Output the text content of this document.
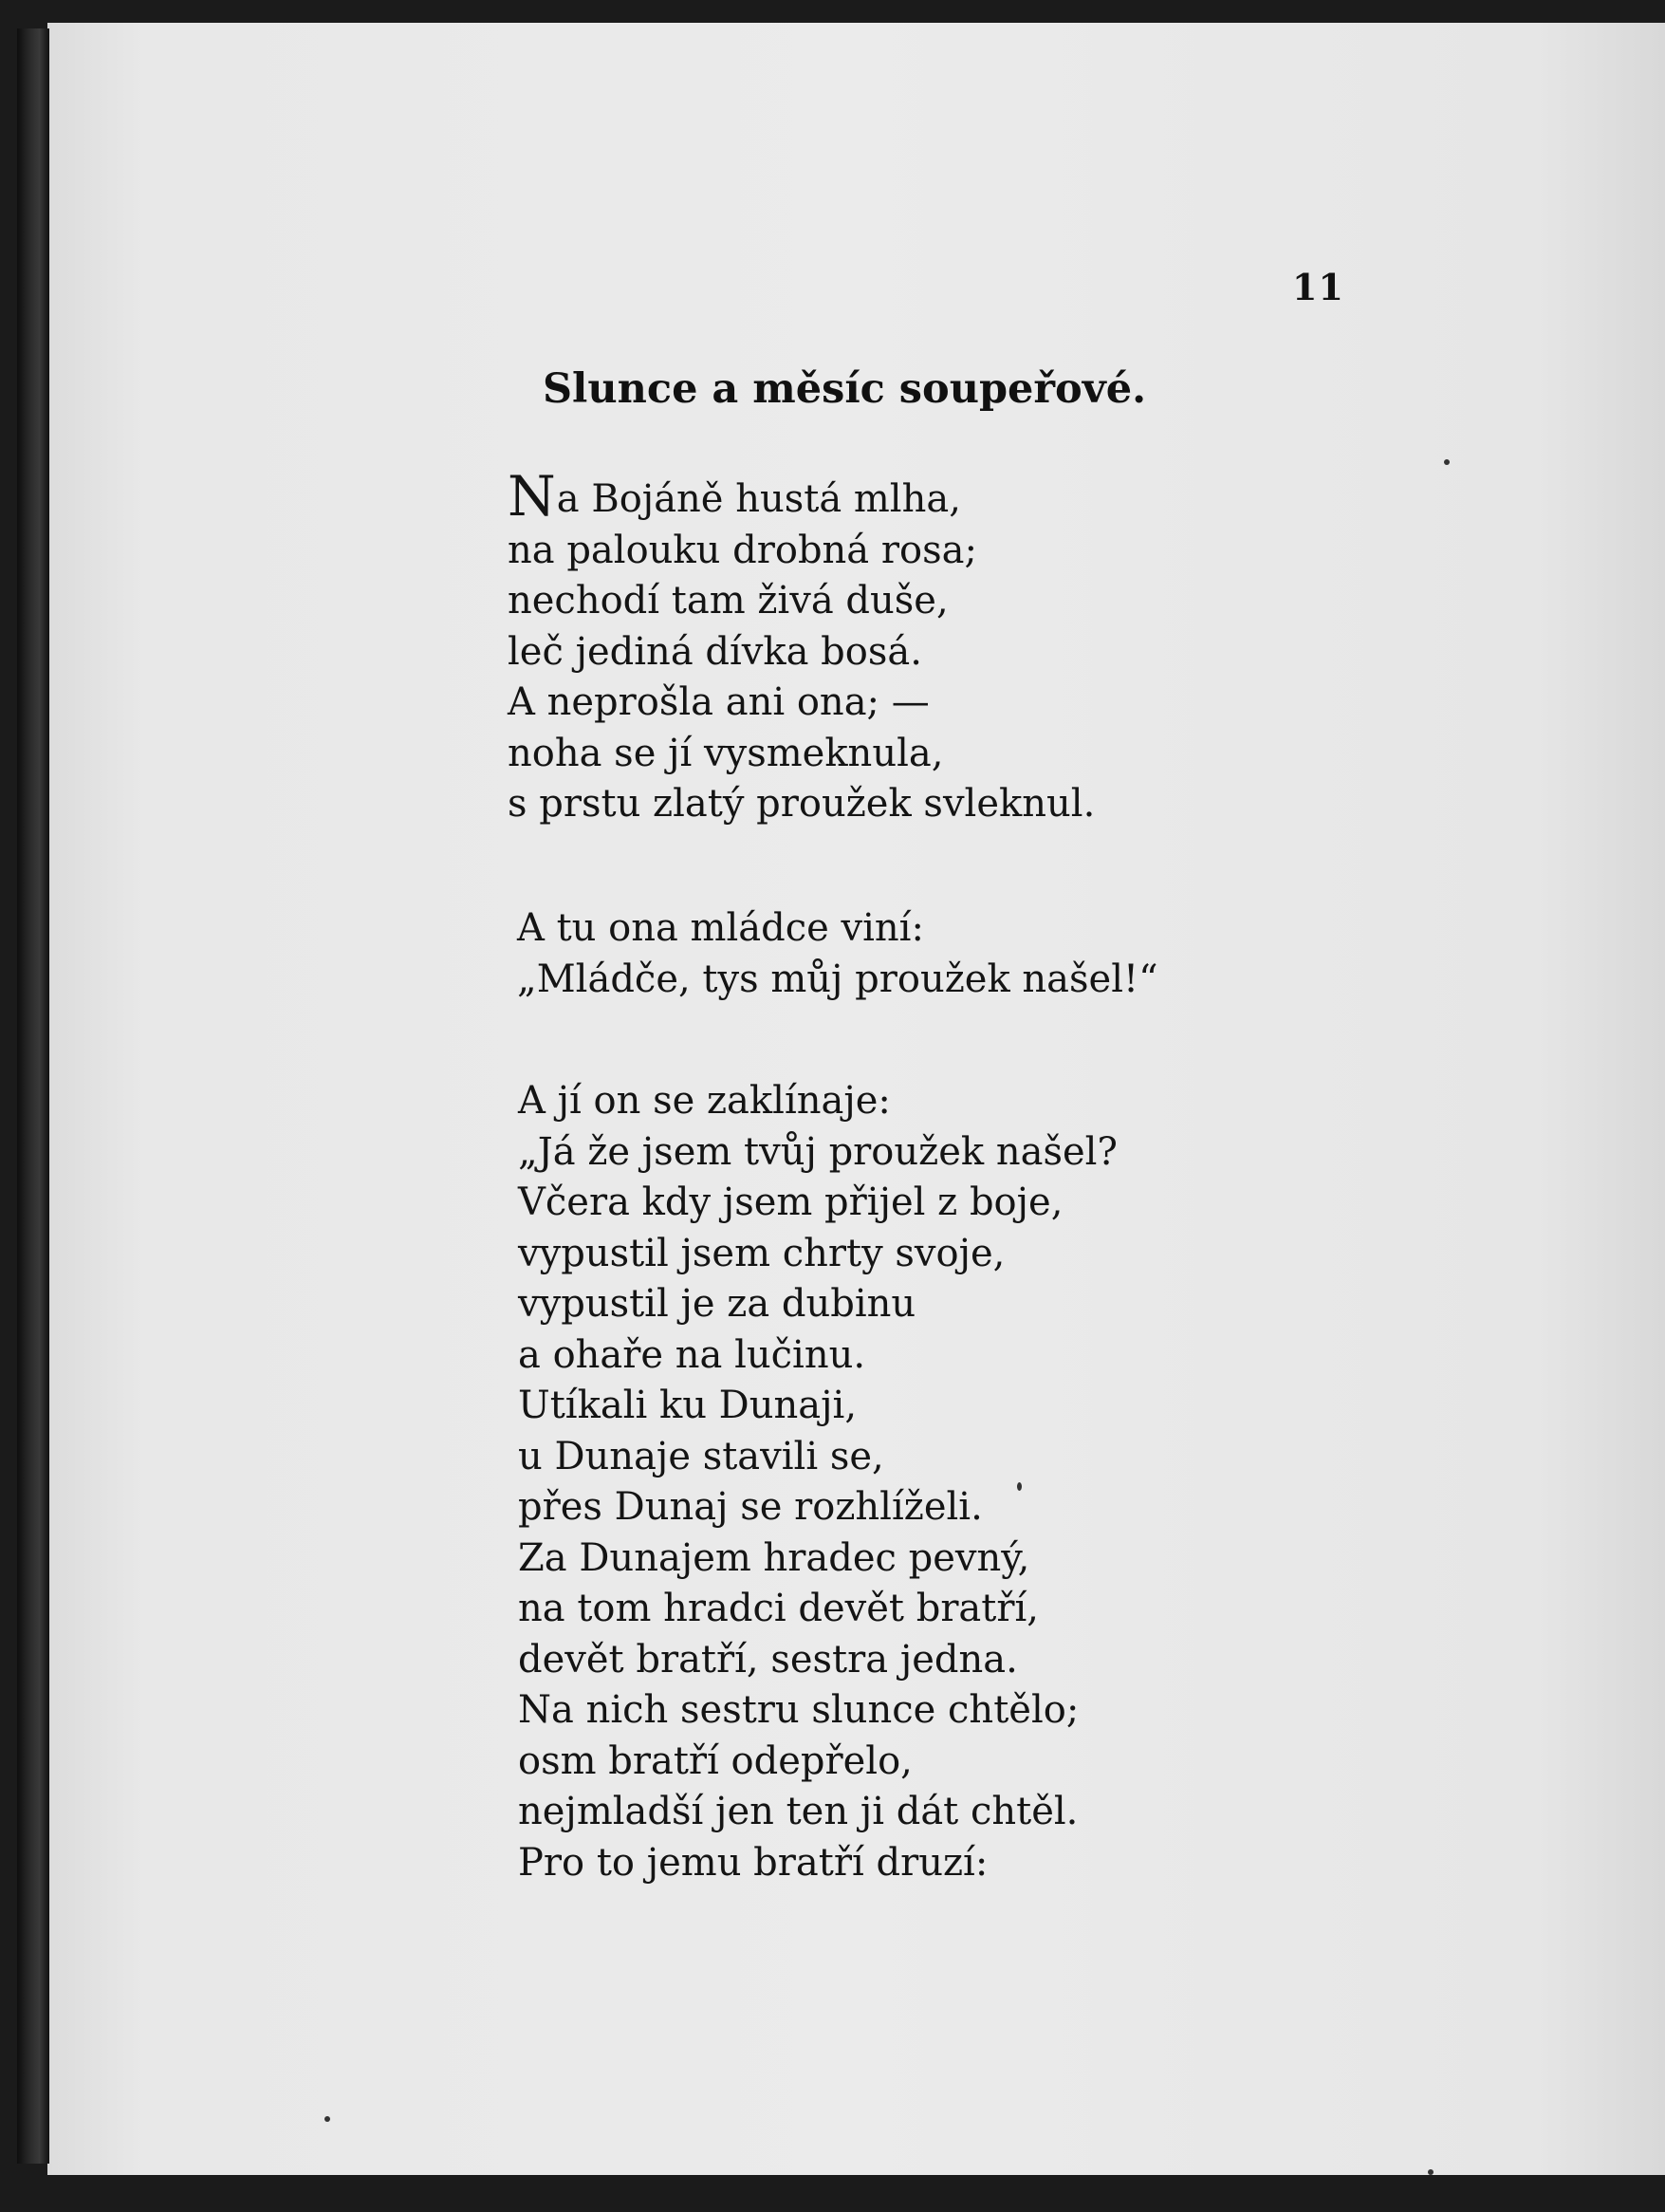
11
Slunce a měsíc soupeřové.
Na Bojáně hustá mlha,
na palouku drobná rosa;
nechodí tam živá duše,
leč jediná dívka bosá.
A neprošla ani ona; —
noha se jí vysmeknula,
s prstu zlatý proužek svleknul.
A tu ona mládce viní:
„Mládče, tys můj proužek našel!“
A jí on se zaklínaje:
„Já že jsem tvůj proužek našel?
Včera kdy jsem přijel z boje,
vypustil jsem chrty svoje,
vypustil je za dubinu
a ohaře na lučinu.
Utíkali ku Dunaji,
u Dunaje stavili se,
přes Dunaj se rozhlíželi.
Za Dunajem hradec pevný,
na tom hradci devět bratří,
devět bratří, sestra jedna.
Na nich sestru slunce chtělo;
osm bratří odepřelo,
nejmladší jen ten ji dát chtěl.
Pro to jemu bratří druzí:
